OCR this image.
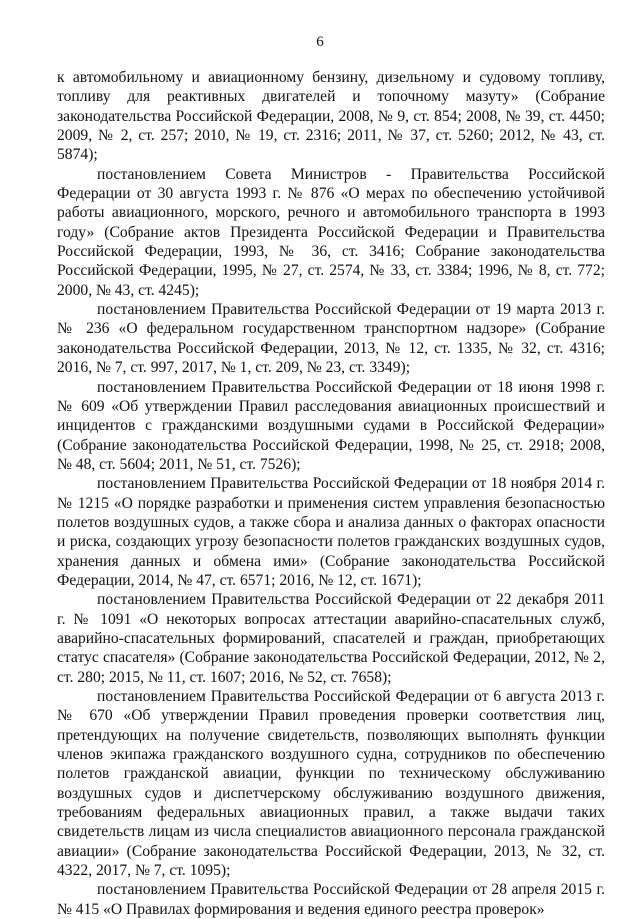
6

к автомобильному и авиационному бензину, дизельному и судовому топливу, топливу для реактивных двигателей и топочному мазуту» (Собрание законодательства Российской Федерации, 2008, № 9, ст. 854; 2008, № 39, ст. 4450; 2009, № 2, ст. 257; 2010, № 19, ст. 2316; 2011, № 37, ст. 5260; 2012, № 43, ст. 5874);

постановлением Совета Министров - Правительства Российской Федерации от 30 августа 1993 г. № 876 «О мерах по обеспечению устойчивой работы авиационного, морского, речного и автомобильного транспорта в 1993 году» (Собрание актов Президента Российской Федерации и Правительства Российской Федерации, 1993, № 36, ст. 3416; Собрание законодательства Российской Федерации, 1995, № 27, ст. 2574, № 33, ст. 3384; 1996, № 8, ст. 772; 2000, № 43, ст. 4245);

постановлением Правительства Российской Федерации от 19 марта 2013 г. № 236 «О федеральном государственном транспортном надзоре» (Собрание законодательства Российской Федерации, 2013, № 12, ст. 1335, № 32, ст. 4316; 2016, № 7, ст. 997, 2017, № 1, ст. 209, № 23, ст. 3349);

постановлением Правительства Российской Федерации от 18 июня 1998 г. № 609 «Об утверждении Правил расследования авиационных происшествий и инцидентов с гражданскими воздушными судами в Российской Федерации» (Собрание законодательства Российской Федерации, 1998, № 25, ст. 2918; 2008, № 48, ст. 5604; 2011, № 51, ст. 7526);

постановлением Правительства Российской Федерации от 18 ноября 2014 г. № 1215 «О порядке разработки и применения систем управления безопасностью полетов воздушных судов, а также сбора и анализа данных о факторах опасности и риска, создающих угрозу безопасности полетов гражданских воздушных судов, хранения данных и обмена ими» (Собрание законодательства Российской Федерации, 2014, № 47, ст. 6571; 2016, № 12, ст. 1671);

постановлением Правительства Российской Федерации от 22 декабря 2011 г. № 1091 «О некоторых вопросах аттестации аварийно-спасательных служб, аварийно-спасательных формирований, спасателей и граждан, приобретающих статус спасателя» (Собрание законодательства Российской Федерации, 2012, № 2, ст. 280; 2015, № 11, ст. 1607; 2016, № 52, ст. 7658);

постановлением Правительства Российской Федерации от 6 августа 2013 г. № 670 «Об утверждении Правил проведения проверки соответствия лиц, претендующих на получение свидетельств, позволяющих выполнять функции членов экипажа гражданского воздушного судна, сотрудников по обеспечению полетов гражданской авиации, функции по техническому обслуживанию воздушных судов и диспетчерскому обслуживанию воздушного движения, требованиям федеральных авиационных правил, а также выдачи таких свидетельств лицам из числа специалистов авиационного персонала гражданской авиации» (Собрание законодательства Российской Федерации, 2013, № 32, ст. 4322, 2017, № 7, ст. 1095);

постановлением Правительства Российской Федерации от 28 апреля 2015 г. № 415 «О Правилах формирования и ведения единого реестра проверок»
